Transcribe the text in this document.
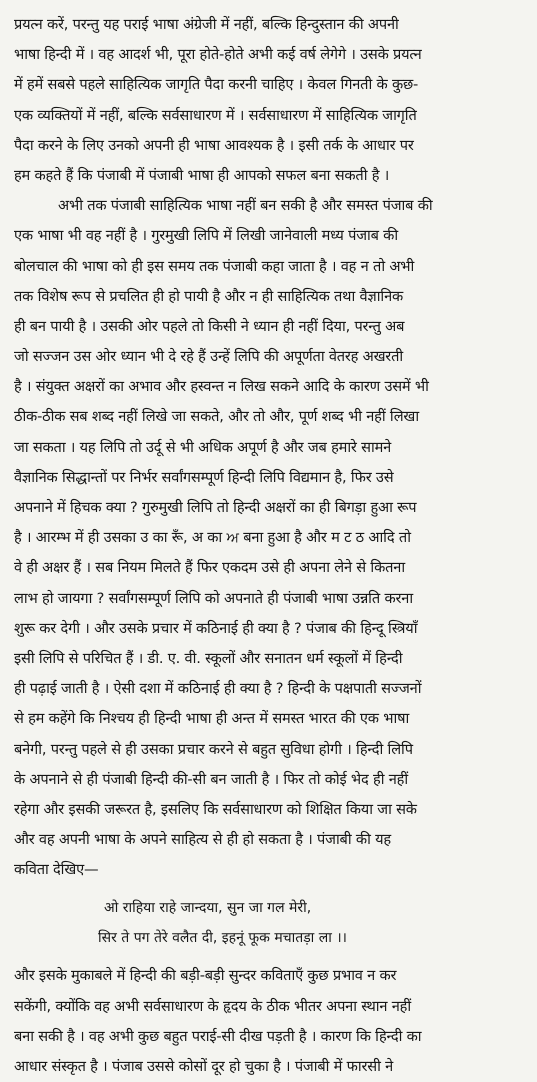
प्रयत्न करें, परन्तु यह पराई भाषा अंग्रेजी में नहीं, बल्कि हिन्दुस्तान की अपनी
भाषा हिन्दी में । वह आदर्श भी, पूरा होते-होते अभी कई वर्ष लेगेगे । उसके प्रयत्न
में हमें सबसे पहले साहित्यिक जागृति पैदा करनी चाहिए । केवल गिनती के कुछ-
एक व्यक्तियों में नहीं, बल्कि सर्वसाधारण में । सर्वसाधारण में साहित्यिक जागृति
पैदा करने के लिए उनको अपनी ही भाषा आवश्यक है । इसी तर्क के आधार पर
हम कहते हैं कि पंजाबी में पंजाबी भाषा ही आपको सफल बना सकती है ।
अभी तक पंजाबी साहित्यिक भाषा नहीं बन सकी है और समस्त पंजाब की
एक भाषा भी वह नहीं है । गुरमुखी लिपि में लिखी जानेवाली मध्य पंजाब की
बोलचाल की भाषा को ही इस समय तक पंजाबी कहा जाता है । वह न तो अभी
तक विशेष रूप से प्रचलित ही हो पायी है और न ही साहित्यिक तथा वैज्ञानिक
ही बन पायी है । उसकी ओर पहले तो किसी ने ध्यान ही नहीं दिया, परन्तु अब
जो सज्जन उस ओर ध्यान भी दे रहे हैं उन्हें लिपि की अपूर्णता वेतरह अखरती
है । संयुक्त अक्षरों का अभाव और हस्वन्त न लिख सकने आदि के कारण उसमें भी
ठीक-ठीक सब शब्द नहीं लिखे जा सकते, और तो और, पूर्ण शब्द भी नहीं लिखा
जा सकता । यह लिपि तो उर्दू से भी अधिक अपूर्ण है और जब हमारे सामने
वैज्ञानिक सिद्धान्तों पर निर्भर सर्वांगसम्पूर्ण हिन्दी लिपि विद्यमान है, फिर उसे
अपनाने में हिचक क्या ? गुरुमुखी लिपि तो हिन्दी अक्षरों का ही बिगड़ा हुआ रूप
है । आरम्भ में ही उसका उ का रूँ, अ का ਅ बना हुआ है और म ट ठ आदि तो
वे ही अक्षर हैं । सब नियम मिलते हैं फिर एकदम उसे ही अपना लेने से कितना
लाभ हो जायगा ? सर्वांगसम्पूर्ण लिपि को अपनाते ही पंजाबी भाषा उन्नति करना
शुरू कर देगी । और उसके प्रचार में कठिनाई ही क्या है ? पंजाब की हिन्दू स्त्रियाँ
इसी लिपि से परिचित हैं । डी. ए. वी. स्कूलों और सनातन धर्म स्कूलों में हिन्दी
ही पढ़ाई जाती है । ऐसी दशा में कठिनाई ही क्या है ? हिन्दी के पक्षपाती सज्जनों
से हम कहेंगे कि निश्चय ही हिन्दी भाषा ही अन्त में समस्त भारत की एक भाषा
बनेगी, परन्तु पहले से ही उसका प्रचार करने से बहुत सुविधा होगी । हिन्दी लिपि
के अपनाने से ही पंजाबी हिन्दी की-सी बन जाती है । फिर तो कोई भेद ही नहीं
रहेगा और इसकी जरूरत है, इसलिए कि सर्वसाधारण को शिक्षित किया जा सके
और वह अपनी भाषा के अपने साहित्य से ही हो सकता है । पंजाबी की यह
कविता देखिए—
ओ राहिया राहे जान्दया, सुन जा गल मेरी,
सिर ते पग तेरे वलैत दी, इहनूं फूक मचातड़ा ला ।।
और इसके मुकाबले में हिन्दी की बड़ी-बड़ी सुन्दर कविताएँ कुछ प्रभाव न कर
सकेंगी, क्योंकि वह अभी सर्वसाधारण के हृदय के ठीक भीतर अपना स्थान नहीं
बना सकी है । वह अभी कुछ बहुत पराई-सी दीख पड़ती है । कारण कि हिन्दी का
आधार संस्कृत है । पंजाब उससे कोसों दूर हो चुका है । पंजाबी में फारसी ने
